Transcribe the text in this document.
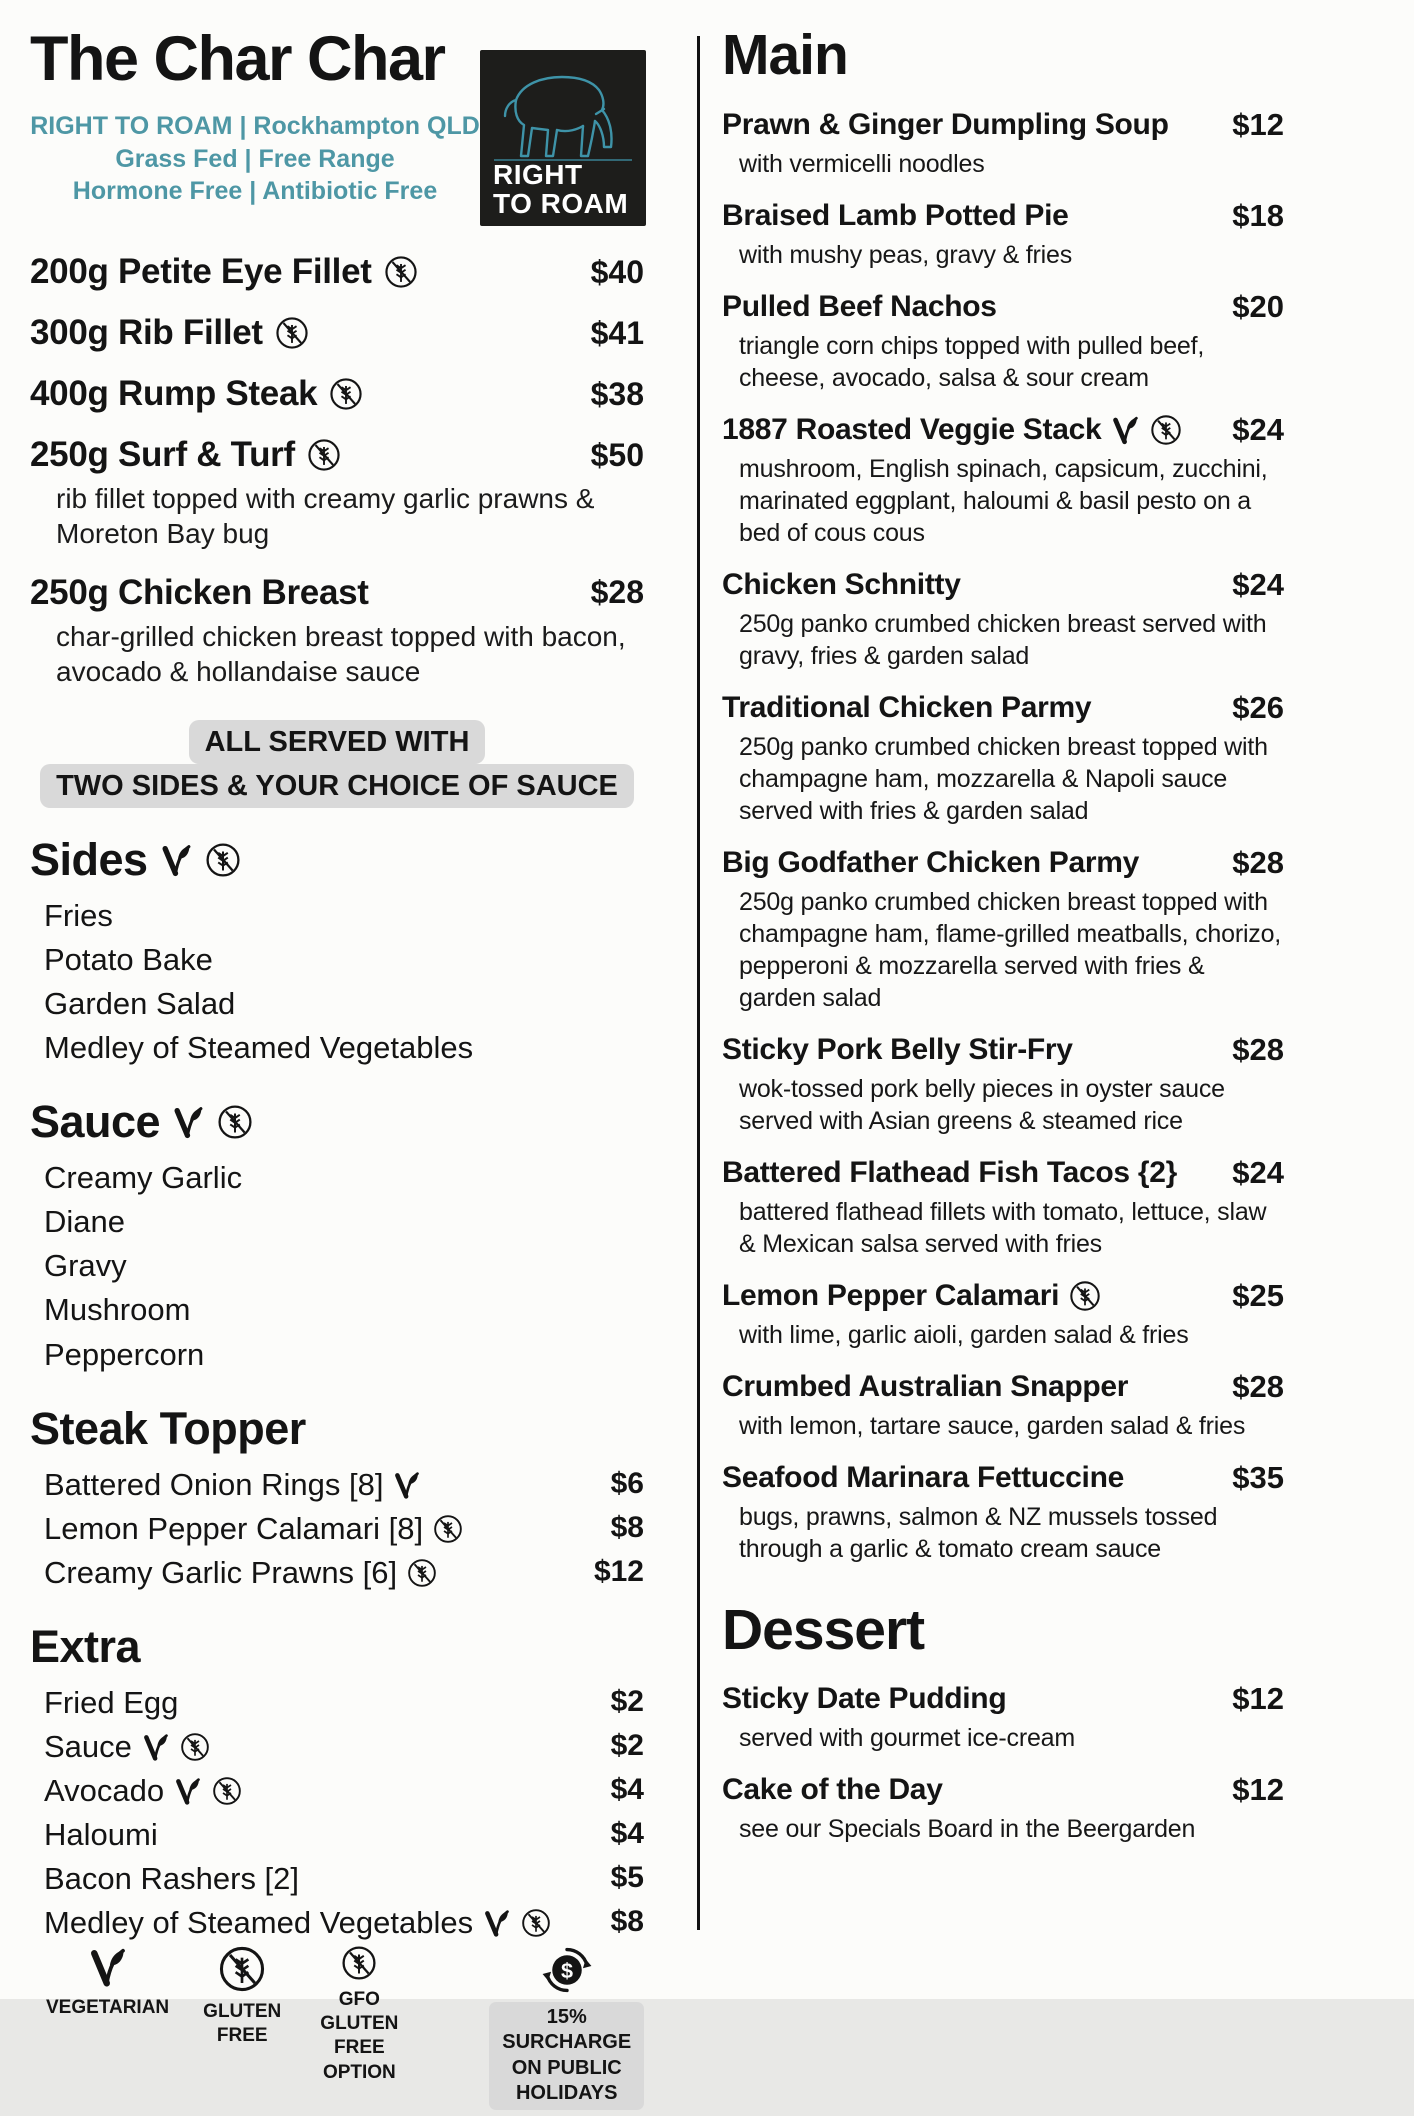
The Char Char
RIGHT TO ROAM | Rockhampton QLD
Grass Fed | Free Range
Hormone Free | Antibiotic Free
RIGHT
TO ROAM
200g Petite Eye Fillet	$40
300g Rib Fillet	$41
400g Rump Steak	$38
250g Surf & Turf	$50
rib fillet topped with creamy garlic prawns & Moreton Bay bug
250g Chicken Breast	$28
char-grilled chicken breast topped with bacon, avocado & hollandaise sauce
ALL SERVED WITH
TWO SIDES & YOUR CHOICE OF SAUCE
Sides
Fries
Potato Bake
Garden Salad
Medley of Steamed Vegetables
Sauce
Creamy Garlic
Diane
Gravy
Mushroom
Peppercorn
Steak Topper
Battered Onion Rings [8]	$6
Lemon Pepper Calamari [8]	$8
Creamy Garlic Prawns [6]	$12
Extra
Fried Egg	$2
Sauce	$2
Avocado	$4
Haloumi	$4
Bacon Rashers [2]	$5
Medley of Steamed Vegetables	$8
VEGETARIAN GLUTEN
FREE
GFO
GLUTEN FREE
OPTION
$
15% SURCHARGE
ON PUBLIC HOLIDAYS
Main
Prawn & Ginger Dumpling Soup	$12
with vermicelli noodles
Braised Lamb Potted Pie	$18
with mushy peas, gravy & fries
Pulled Beef Nachos	$20
triangle corn chips topped with pulled beef, cheese, avocado, salsa & sour cream
1887 Roasted Veggie Stack	$24
mushroom, English spinach, capsicum, zucchini, marinated eggplant, haloumi & basil pesto on a bed of cous cous
Chicken Schnitty	$24
250g panko crumbed chicken breast served with gravy, fries & garden salad
Traditional Chicken Parmy	$26
250g panko crumbed chicken breast topped with champagne ham, mozzarella & Napoli sauce served with fries & garden salad
Big Godfather Chicken Parmy	$28
250g panko crumbed chicken breast topped with champagne ham, flame-grilled meatballs, chorizo, pepperoni & mozzarella served with fries & garden salad
Sticky Pork Belly Stir-Fry	$28
wok-tossed pork belly pieces in oyster sauce served with Asian greens & steamed rice
Battered Flathead Fish Tacos {2}	$24
battered flathead fillets with tomato, lettuce, slaw & Mexican salsa served with fries
Lemon Pepper Calamari	$25
with lime, garlic aioli, garden salad & fries
Crumbed Australian Snapper	$28
with lemon, tartare sauce, garden salad & fries
Seafood Marinara Fettuccine	$35
bugs, prawns, salmon & NZ mussels tossed through a garlic & tomato cream sauce
Dessert
Sticky Date Pudding	$12
served with gourmet ice-cream
Cake of the Day	$12
see our Specials Board in the Beergarden
